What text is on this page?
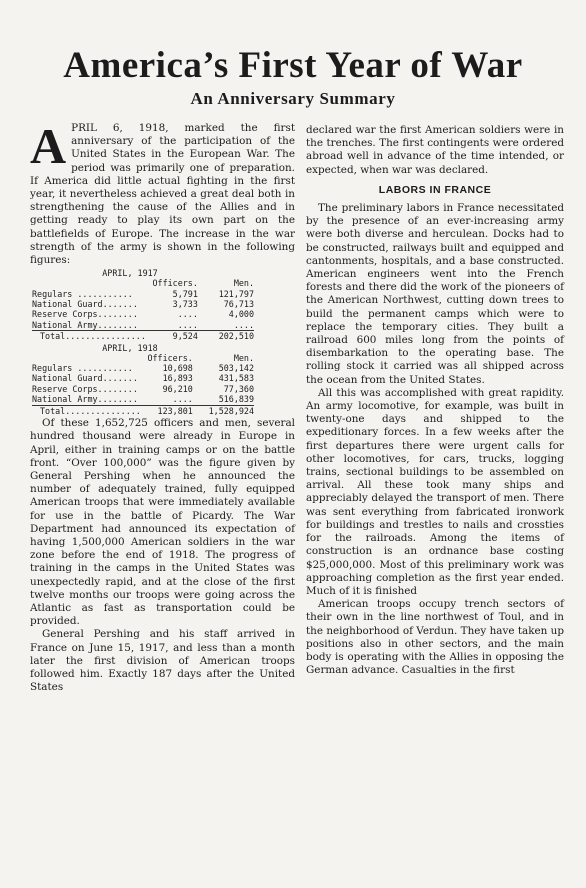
America’s First Year of War
An Anniversary Summary

APRIL 6, 1918, marked the first anniversary of the participation of the United States in the European War. The period was primarily one of preparation. If America did little actual fighting in the first year, it nevertheless achieved a great deal both in strengthening the cause of the Allies and in getting ready to play its own part on the battlefields of Europe. The increase in the war strength of the army is shown in the following figures:

APRIL, 1917
	Officers.	Men.
Regulars ...........	5,791	121,797
National Guard.......	3,733	76,713
Reserve Corps........	....	4,000
National Army........	....	....
Total................	9,524	202,510
APRIL, 1918
	Officers.	Men.
Regulars ...........	10,698	503,142
National Guard.......	16,893	431,583
Reserve Corps........	96,210	77,360
National Army........	....	516,839
Total...............	123,801	1,528,924

Of these 1,652,725 officers and men, several hundred thousand were already in Europe in April, either in training camps or on the battle front. “Over 100,000” was the figure given by General Pershing when he announced the number of adequately trained, fully equipped American troops that were immediately available for use in the battle of Picardy. The War Department had announced its expectation of having 1,500,000 American soldiers in the war zone before the end of 1918. The progress of training in the camps in the United States was unexpectedly rapid, and at the close of the first twelve months our troops were going across the Atlantic as fast as transportation could be provided.

General Pershing and his staff arrived in France on June 15, 1917, and less than a month later the first division of American troops followed him. Exactly 187 days after the United States

declared war the first American soldiers were in the trenches. The first contingents were ordered abroad well in advance of the time intended, or expected, when war was declared.

LABORS IN FRANCE

The preliminary labors in France necessitated by the presence of an ever-increasing army were both diverse and herculean. Docks had to be constructed, railways built and equipped and cantonments, hospitals, and a base constructed. American engineers went into the French forests and there did the work of the pioneers of the American Northwest, cutting down trees to build the permanent camps which were to replace the temporary cities. They built a railroad 600 miles long from the points of disembarkation to the operating base. The rolling stock it carried was all shipped across the ocean from the United States.

All this was accomplished with great rapidity. An army locomotive, for example, was built in twenty-one days and shipped to the expeditionary forces. In a few weeks after the first departures there were urgent calls for other locomotives, for cars, trucks, logging trains, sectional buildings to be assembled on arrival. All these took many ships and appreciably delayed the transport of men. There was sent everything from fabricated ironwork for buildings and trestles to nails and crossties for the railroads. Among the items of construction is an ordnance base costing $25,000,000. Most of this preliminary work was approaching completion as the first year ended. Much of it is finished

American troops occupy trench sectors of their own in the line northwest of Toul, and in the neighborhood of Verdun. They have taken up positions also in other sectors, and the main body is operating with the Allies in opposing the German advance. Casualties in the first
